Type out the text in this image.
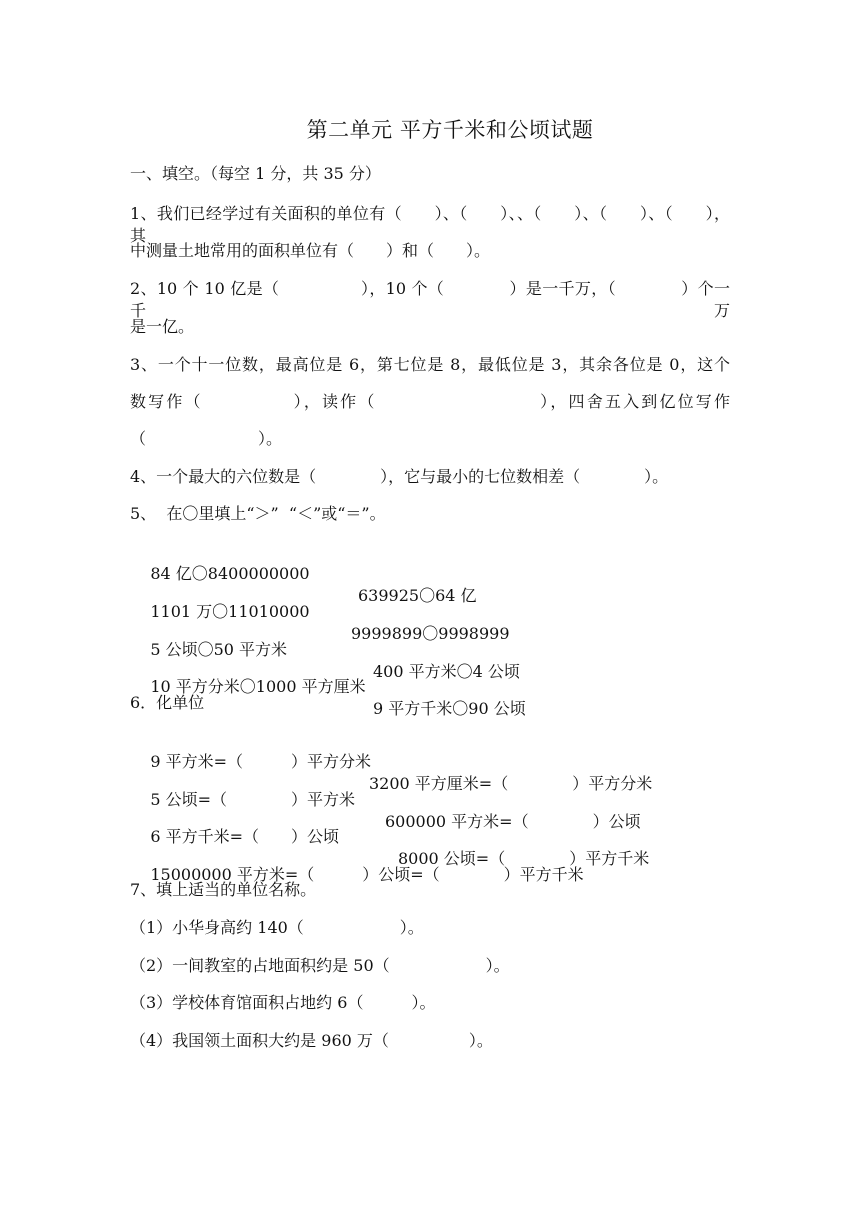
第二单元 平方千米和公顷试题
一、填空。（每空 1 分，共 35 分）
1、我们已经学过有关面积的单位有（　　）、（　　）、、（　　）、（　　）、（　　），其
中测量土地常用的面积单位有（　　）和（　　）。
2、10 个 10 亿是（　　　　　），10 个（　　　　）是一千万，（　　　　）个一千万
是一亿。
3、一个十一位数，最高位是 6，第七位是 8，最低位是 3，其余各位是 0，这个
数写作（　　　　　），读作（　　　　　　　　　），四舍五入到亿位写作
（　　　　　　　）。
4、一个最大的六位数是（　　　　），它与最小的七位数相差（　　　　）。
5、  在〇里填上“＞”  “＜”或“＝”。

84 亿〇8400000000

639925〇64 亿

1101 万〇11010000

9999899〇9998999

5 公顷〇50 平方米

400 平方米〇4 公顷

10 平方分米〇1000 平方厘米

9 平方千米〇90 公顷

6．化单位

9 平方米=（　　　）平方分米

3200 平方厘米=（　　　　）平方分米

5 公顷=（　　　　）平方米

600000 平方米=（　　　　）公顷

6 平方千米=（　　）公顷

8000 公顷=（　　　　）平方千米

15000000 平方米=（　　　）公顷=（　　　　）平方千米

7、填上适当的单位名称。
（1）小华身高约 140（　　　　　　）。
（2）一间教室的占地面积约是 50（　　　　　　）。
（3）学校体育馆面积占地约 6（　　　）。
（4）我国领土面积大约是 960 万（　　　　　）。
